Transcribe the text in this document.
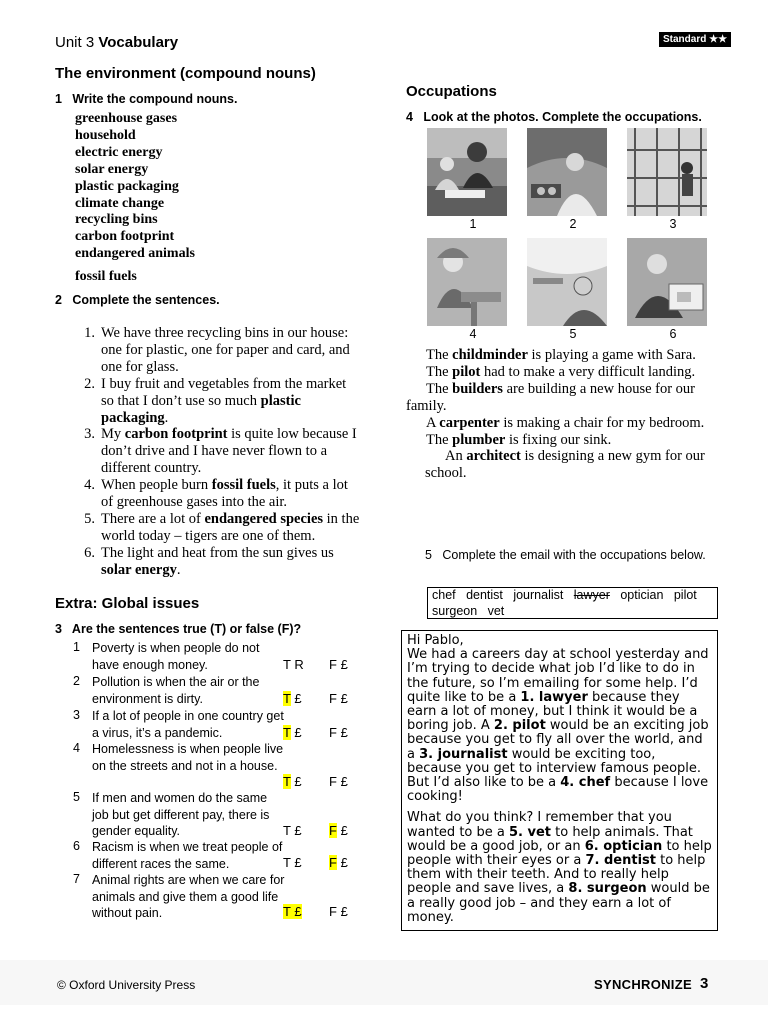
Unit 3 Vocabulary	Standard ★★
The environment (compound nouns)
1 Write the compound nouns.
greenhouse gases
household
electric energy
solar energy
plastic packaging
climate change
recycling bins
carbon footprint
endangered animals
fossil fuels
2 Complete the sentences.
1. We have three recycling bins in our house: one for plastic, one for paper and card, and one for glass.
2. I buy fruit and vegetables from the market so that I don’t use so much plastic packaging.
3. My carbon footprint is quite low because I don’t drive and I have never flown to a different country.
4. When people burn fossil fuels, it puts a lot of greenhouse gases into the air.
5. There are a lot of endangered species in the world today – tigers are one of them.
6. The light and heat from the sun gives us solar energy.
Extra: Global issues
3 Are the sentences true (T) or false (F)?
1 Poverty is when people do not have enough money.	T R F £
2 Pollution is when the air or the environment is dirty.	T £ F £
3 If a lot of people in one country get a virus, it’s a pandemic.	T £ F £
4 Homelessness is when people live on the streets and not in a house.
T £ F £
5 If men and women do the same job but get different pay, there is gender equality.	T £ F £
6 Racism is when we treat people of different races the same.	T £ F £
7 Animal rights are when we care for animals and give them a good life without pain.	T £ F £
Occupations
4 Look at the photos. Complete the occupations.
1	2	3
4	5	6
The childminder is playing a game with Sara.
The pilot had to make a very difficult landing.
The builders are building a new house for our family.
A carpenter is making a chair for my bedroom.
The plumber is fixing our sink.
An architect is designing a new gym for our school.
5 Complete the email with the occupations below.
chef dentist journalist lawyer optician pilot
surgeon vet

Hi Pablo,

We had a careers day at school yesterday and I’m trying to decide what job I’d like to do in the future, so I’m emailing for some help. I’d quite like to be a 1. lawyer because they earn a lot of money, but I think it would be a boring job. A 2. pilot would be an exciting job because you get to fly all over the world, and a 3. journalist would be exciting too, because you get to interview famous people. But I’d also like to be a 4. chef because I love cooking!

What do you think? I remember that you wanted to be a 5. vet to help animals. That would be a good job, or an 6. optician to help people with their eyes or a 7. dentist to help them with their teeth. And to really help people and save lives, a 8. surgeon would be a really good job – and they earn a lot of money.

© Oxford University Press	SYNCHRONIZE 3
